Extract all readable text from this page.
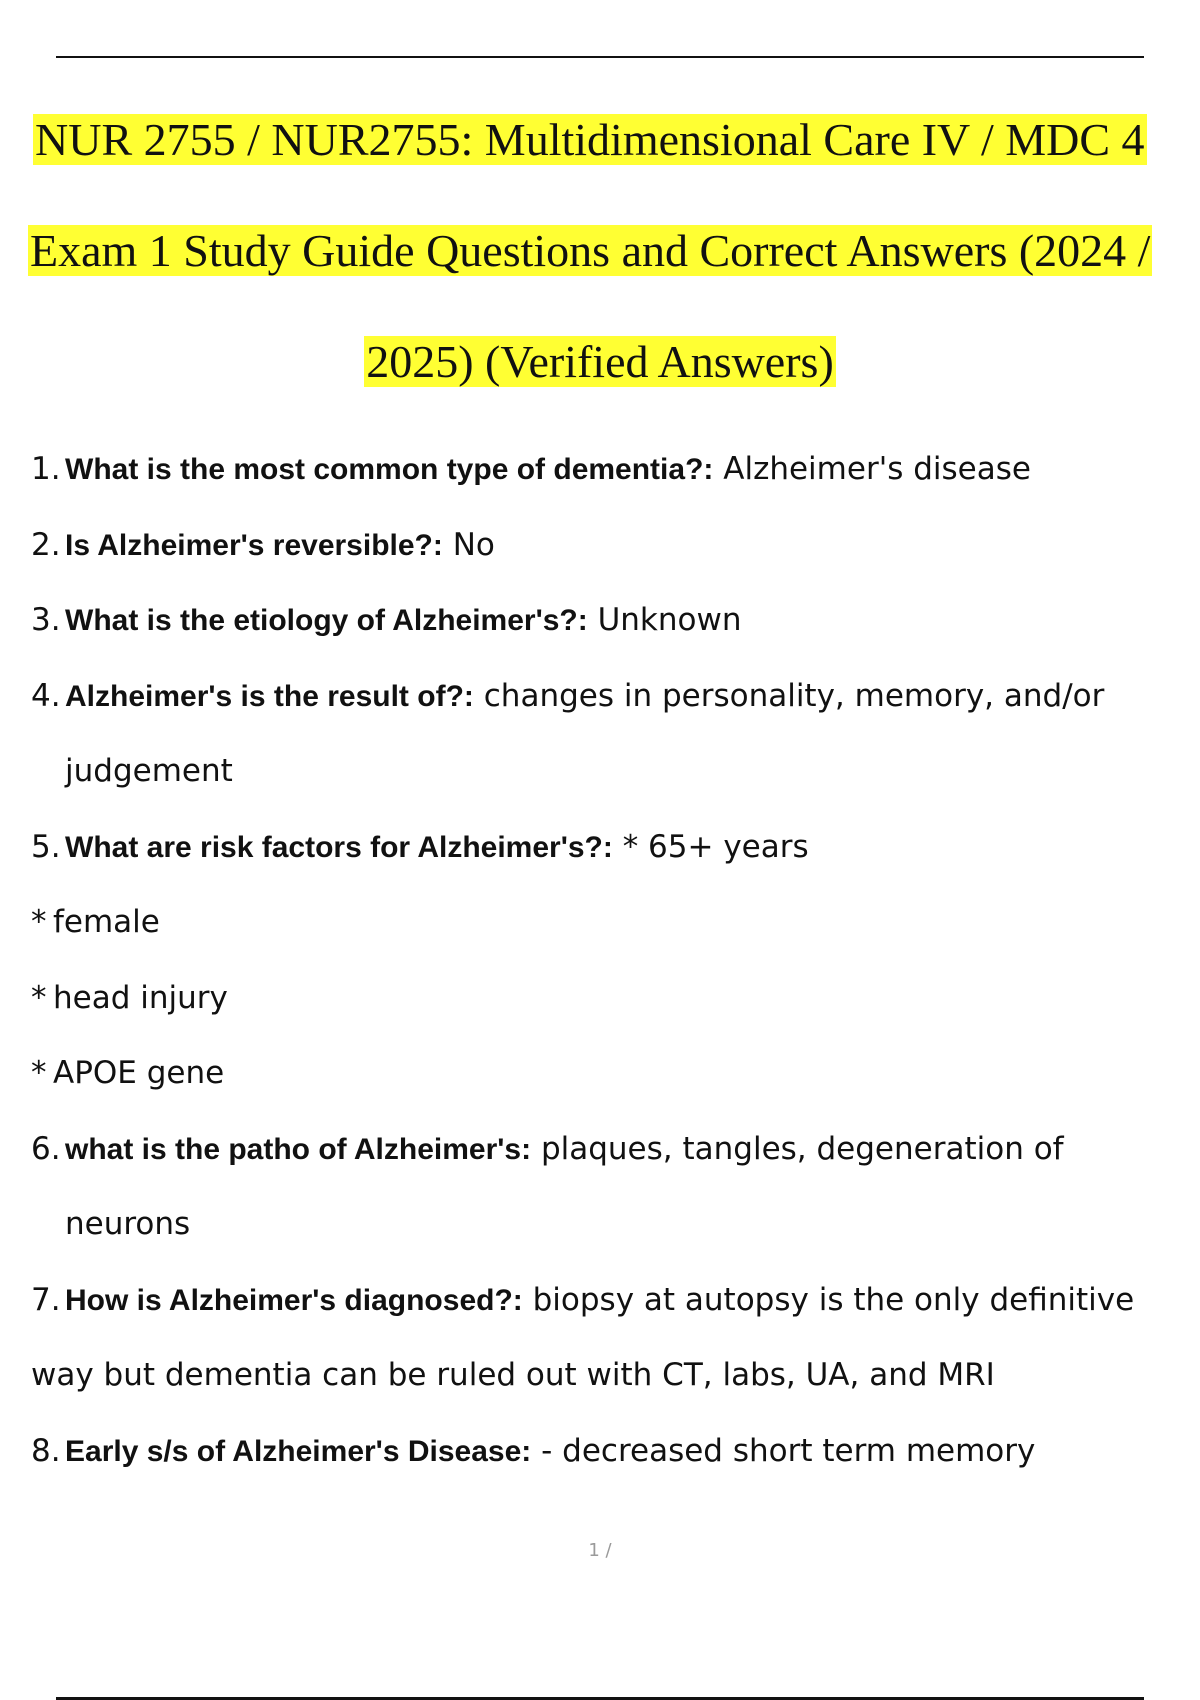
NUR 2755 / NUR2755: Multidimensional Care IV / MDC 4
Exam 1 Study Guide Questions and Correct Answers (2024 /
2025) (Verified Answers)
1. What is the most common type of dementia?: Alzheimer's disease
2. Is Alzheimer's reversible?: No
3. What is the etiology of Alzheimer's?: Unknown
4. Alzheimer's is the result of?: changes in personality, memory, and/or
judgement
5. What are risk factors for Alzheimer's?: * 65+ years
* female
* head injury
* APOE gene
6. what is the patho of Alzheimer's: plaques, tangles, degeneration of
neurons
7. How is Alzheimer's diagnosed?: biopsy at autopsy is the only definitive
way but dementia can be ruled out with CT, labs, UA, and MRI
8. Early s/s of Alzheimer's Disease: - decreased short term memory
1 /
